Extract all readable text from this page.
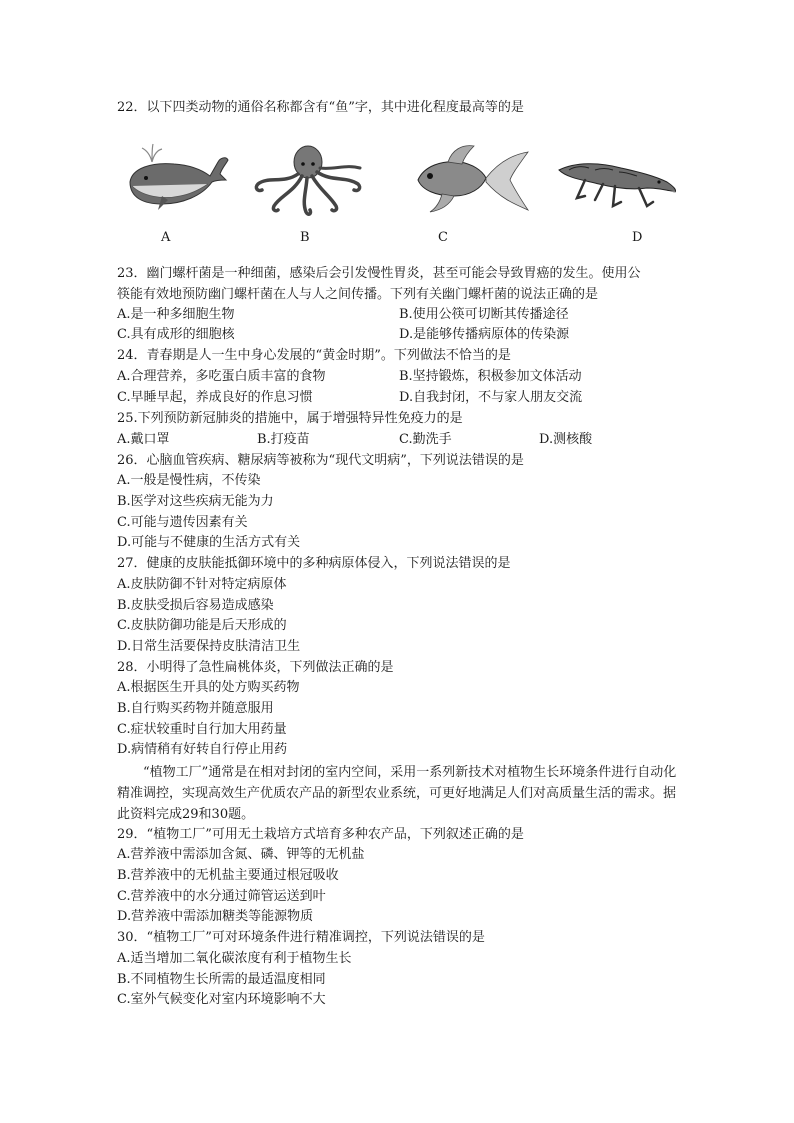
22．以下四类动物的通俗名称都含有“鱼”字，其中进化程度最高等的是
A	B	C	D
23．幽门螺杆菌是一种细菌，感染后会引发慢性胃炎，甚至可能会导致胃癌的发生。使用公
筷能有效地预防幽门螺杆菌在人与人之间传播。下列有关幽门螺杆菌的说法正确的是
A.是一种多细胞生物	B.使用公筷可切断其传播途径
C.具有成形的细胞核	D.是能够传播病原体的传染源
24．青春期是人一生中身心发展的“黄金时期”。下列做法不恰当的是
A.合理营养，多吃蛋白质丰富的食物	B.坚持锻炼，积极参加文体活动
C.早睡早起，养成良好的作息习惯	D.自我封闭，不与家人朋友交流
25.下列预防新冠肺炎的措施中，属于增强特异性免疫力的是
A.戴口罩	B.打疫苗	C.勤洗手	D.测核酸
26．心脑血管疾病、糖尿病等被称为“现代文明病”，下列说法错误的是
A.一般是慢性病，不传染
B.医学对这些疾病无能为力
C.可能与遗传因素有关
D.可能与不健康的生活方式有关
27．健康的皮肤能抵御环境中的多种病原体侵入，下列说法错误的是
A.皮肤防御不针对特定病原体
B.皮肤受损后容易造成感染
C.皮肤防御功能是后天形成的
D.日常生活要保持皮肤清洁卫生
28．小明得了急性扁桃体炎，下列做法正确的是
A.根据医生开具的处方购买药物
B.自行购买药物并随意服用
C.症状较重时自行加大用药量
D.病情稍有好转自行停止用药
“植物工厂”通常是在相对封闭的室内空间，采用一系列新技术对植物生长环境条件进行自动化精准调控，实现高效生产优质农产品的新型农业系统，可更好地满足人们对高质量生活的需求。据此资料完成29和30题。
29．“植物工厂”可用无土栽培方式培育多种农产品，下列叙述正确的是
A.营养液中需添加含氮、磷、钾等的无机盐
B.营养液中的无机盐主要通过根冠吸收
C.营养液中的水分通过筛管运送到叶
D.营养液中需添加糖类等能源物质
30．“植物工厂”可对环境条件进行精准调控，下列说法错误的是
A.适当增加二氧化碳浓度有利于植物生长
B.不同植物生长所需的最适温度相同
C.室外气候变化对室内环境影响不大
